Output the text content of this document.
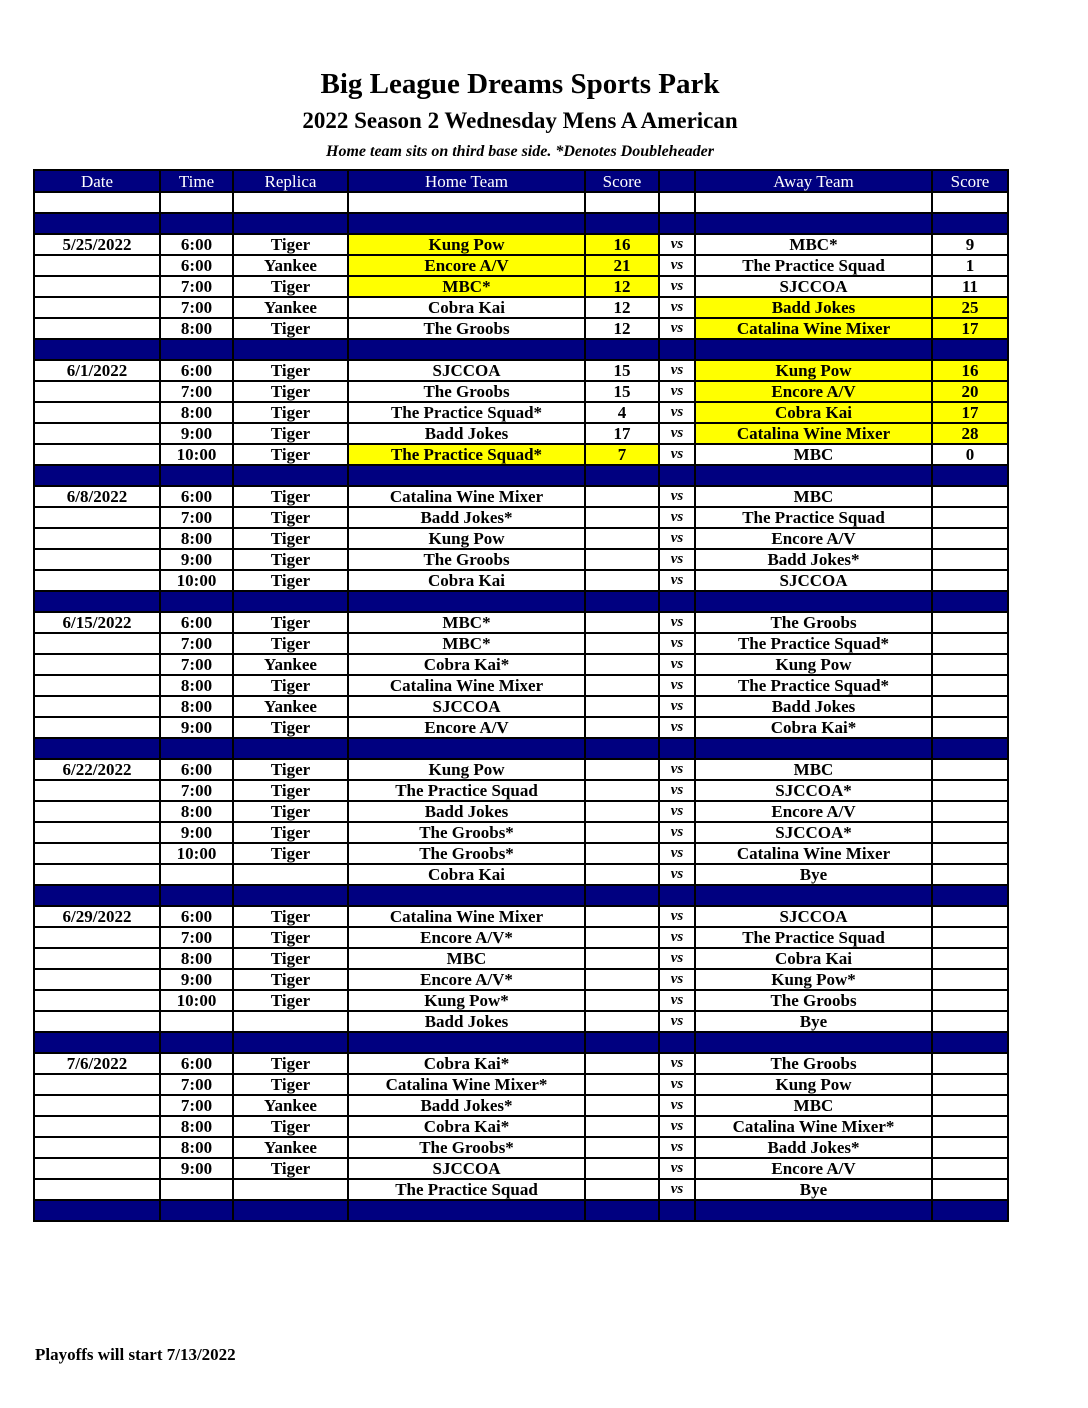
Big League Dreams Sports Park
2022 Season 2 Wednesday Mens A American
Home team sits on third base side. *Denotes Doubleheader
Date	Time	Replica	Home Team	Score		Away Team	Score

5/25/2022	6:00	Tiger	Kung Pow	16	vs	MBC*	9
	6:00	Yankee	Encore A/V	21	vs	The Practice Squad	1
	7:00	Tiger	MBC*	12	vs	SJCCOA	11
	7:00	Yankee	Cobra Kai	12	vs	Badd Jokes	25
	8:00	Tiger	The Groobs	12	vs	Catalina Wine Mixer	17

6/1/2022	6:00	Tiger	SJCCOA	15	vs	Kung Pow	16
	7:00	Tiger	The Groobs	15	vs	Encore A/V	20
	8:00	Tiger	The Practice Squad*	4	vs	Cobra Kai	17
	9:00	Tiger	Badd Jokes	17	vs	Catalina Wine Mixer	28
	10:00	Tiger	The Practice Squad*	7	vs	MBC	0

6/8/2022	6:00	Tiger	Catalina Wine Mixer		vs	MBC	
	7:00	Tiger	Badd Jokes*		vs	The Practice Squad	
	8:00	Tiger	Kung Pow		vs	Encore A/V	
	9:00	Tiger	The Groobs		vs	Badd Jokes*	
	10:00	Tiger	Cobra Kai		vs	SJCCOA	

6/15/2022	6:00	Tiger	MBC*		vs	The Groobs	
	7:00	Tiger	MBC*		vs	The Practice Squad*	
	7:00	Yankee	Cobra Kai*		vs	Kung Pow	
	8:00	Tiger	Catalina Wine Mixer		vs	The Practice Squad*	
	8:00	Yankee	SJCCOA		vs	Badd Jokes	
	9:00	Tiger	Encore A/V		vs	Cobra Kai*	

6/22/2022	6:00	Tiger	Kung Pow		vs	MBC	
	7:00	Tiger	The Practice Squad		vs	SJCCOA*	
	8:00	Tiger	Badd Jokes		vs	Encore A/V	
	9:00	Tiger	The Groobs*		vs	SJCCOA*	
	10:00	Tiger	The Groobs*		vs	Catalina Wine Mixer	
			Cobra Kai		vs	Bye	

6/29/2022	6:00	Tiger	Catalina Wine Mixer		vs	SJCCOA	
	7:00	Tiger	Encore A/V*		vs	The Practice Squad	
	8:00	Tiger	MBC		vs	Cobra Kai	
	9:00	Tiger	Encore A/V*		vs	Kung Pow*	
	10:00	Tiger	Kung Pow*		vs	The Groobs	
			Badd Jokes		vs	Bye	

7/6/2022	6:00	Tiger	Cobra Kai*		vs	The Groobs	
	7:00	Tiger	Catalina Wine Mixer*		vs	Kung Pow	
	7:00	Yankee	Badd Jokes*		vs	MBC	
	8:00	Tiger	Cobra Kai*		vs	Catalina Wine Mixer*	
	8:00	Yankee	The Groobs*		vs	Badd Jokes*	
	9:00	Tiger	SJCCOA		vs	Encore A/V	
			The Practice Squad		vs	Bye	

Playoffs will start 7/13/2022
